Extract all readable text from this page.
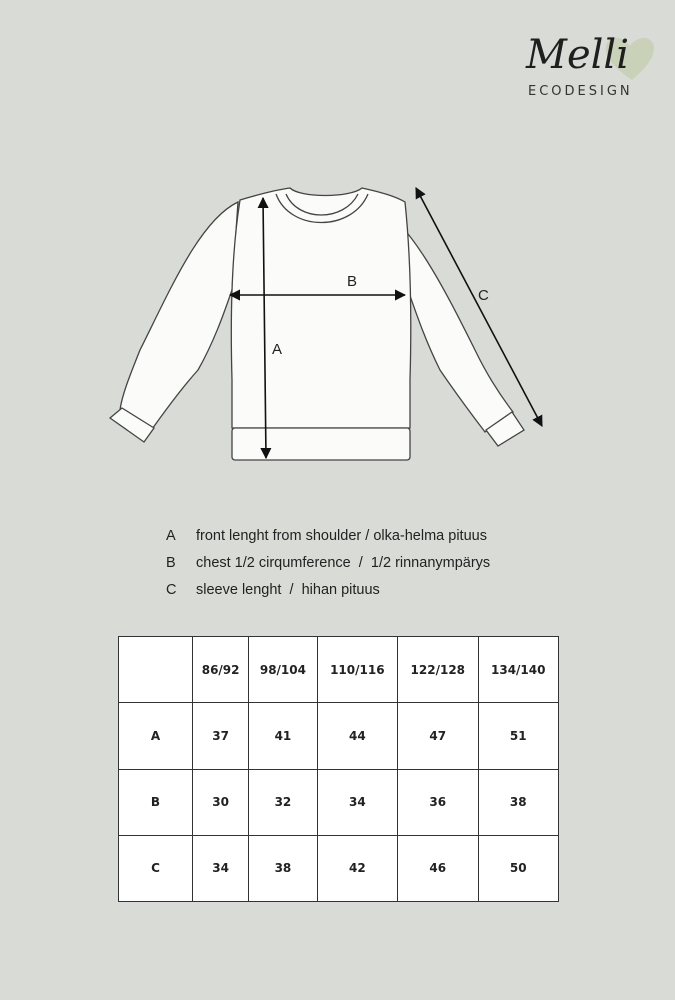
Melli
ECODESIGN
A
B
C
A	front lenght from shoulder / olka-helma pituus
B	chest 1/2 cirqumference  /  1/2 rinnanympärys
C	sleeve lenght  /  hihan pituus
	86/92	98/104	110/116	122/128	134/140
A	37	41	44	47	51
B	30	32	34	36	38
C	34	38	42	46	50
